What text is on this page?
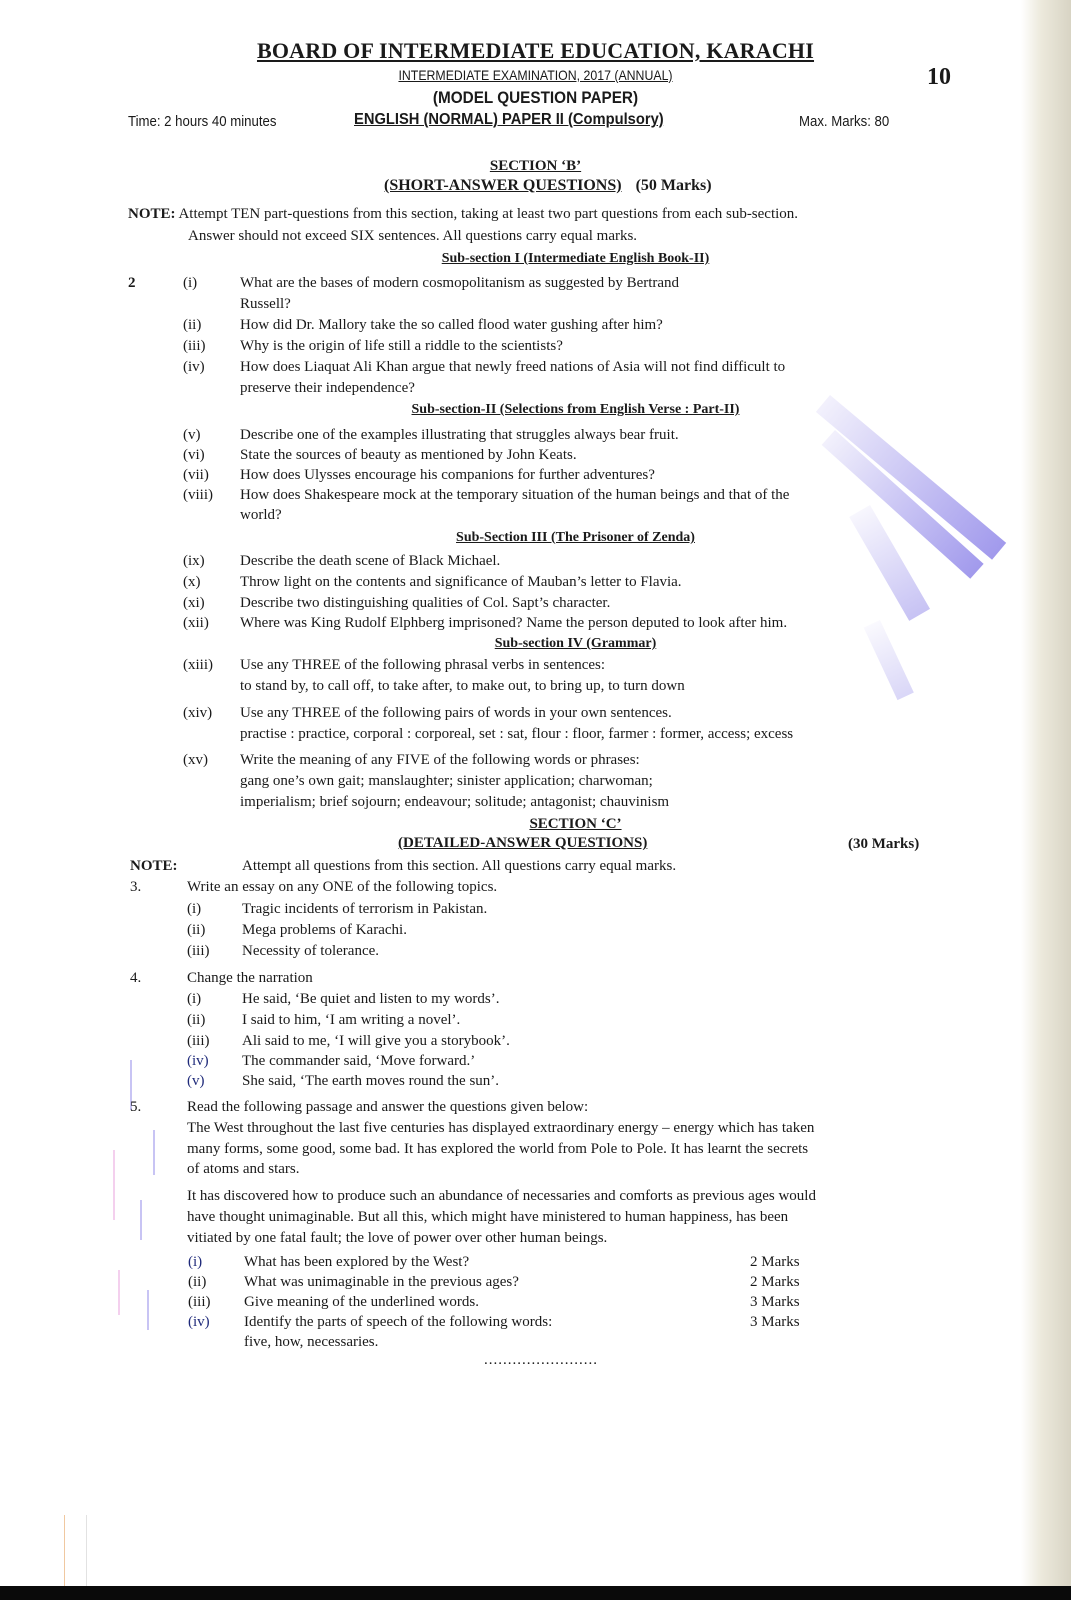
BOARD OF INTERMEDIATE EDUCATION, KARACHI
INTERMEDIATE EXAMINATION, 2017 (ANNUAL)
(MODEL QUESTION PAPER)
10
Time: 2 hours 40 minutes	ENGLISH (NORMAL) PAPER II (Compulsory)	Max. Marks: 80
SECTION ‘B’
(SHORT-ANSWER QUESTIONS) (50 Marks)
NOTE: Attempt TEN part-questions from this section, taking at least two part questions from each sub-section.
Answer should not exceed SIX sentences. All questions carry equal marks.
Sub-section I (Intermediate English Book-II)
2	(i)	What are the bases of modern cosmopolitanism as suggested by Bertrand
Russell?
(ii)	How did Dr. Mallory take the so called flood water gushing after him?
(iii) Why is the origin of life still a riddle to the scientists?
(iv) How does Liaquat Ali Khan argue that newly freed nations of Asia will not find difficult to
preserve their independence?
Sub-section-II (Selections from English Verse : Part-II)
(v)	Describe one of the examples illustrating that struggles always bear fruit.
(vi) State the sources of beauty as mentioned by John Keats.
(vii) How does Ulysses encourage his companions for further adventures?
(viii) How does Shakespeare mock at the temporary situation of the human beings and that of the
world?
Sub-Section III (The Prisoner of Zenda)
(ix) Describe the death scene of Black Michael.
(x)	Throw light on the contents and significance of Mauban’s letter to Flavia.
(xi) Describe two distinguishing qualities of Col. Sapt’s character.
(xii) Where was King Rudolf Elphberg imprisoned? Name the person deputed to look after him.
Sub-section IV (Grammar)
(xiii) Use any THREE of the following phrasal verbs in sentences:
to stand by, to call off, to take after, to make out, to bring up, to turn down
(xiv) Use any THREE of the following pairs of words in your own sentences.
practise : practice, corporal : corporeal, set : sat, flour : floor, farmer : former, access; excess
(xv) Write the meaning of any FIVE of the following words or phrases:
gang one’s own gait; manslaughter; sinister application; charwoman;
imperialism; brief sojourn; endeavour; solitude; antagonist; chauvinism
SECTION ‘C’
(DETAILED-ANSWER QUESTIONS)	(30 Marks)
NOTE:	Attempt all questions from this section. All questions carry equal marks.
3.	Write an essay on any ONE of the following topics.
(i)	Tragic incidents of terrorism in Pakistan.
(ii) Mega problems of Karachi.
(iii) Necessity of tolerance.
4.	Change the narration
(i)	He said, ‘Be quiet and listen to my words’.
(ii) I said to him, ‘I am writing a novel’.
(iii) Ali said to me, ‘I will give you a storybook’.
(iv) The commander said, ‘Move forward.’
(v)	She said, ‘The earth moves round the sun’.
5.	Read the following passage and answer the questions given below:
The West throughout the last five centuries has displayed extraordinary energy – energy which has taken
many forms, some good, some bad. It has explored the world from Pole to Pole. It has learnt the secrets
of atoms and stars.
It has discovered how to produce such an abundance of necessaries and comforts as previous ages would
have thought unimaginable. But all this, which might have ministered to human happiness, has been
vitiated by one fatal fault; the love of power over other human beings.
(i)	What has been explored by the West?	2 Marks
(ii)	What was unimaginable in the previous ages?	2 Marks
(iii) Give meaning of the underlined words.	3 Marks
(iv) Identify the parts of speech of the following words:	3 Marks
five, how, necessaries.
........................
